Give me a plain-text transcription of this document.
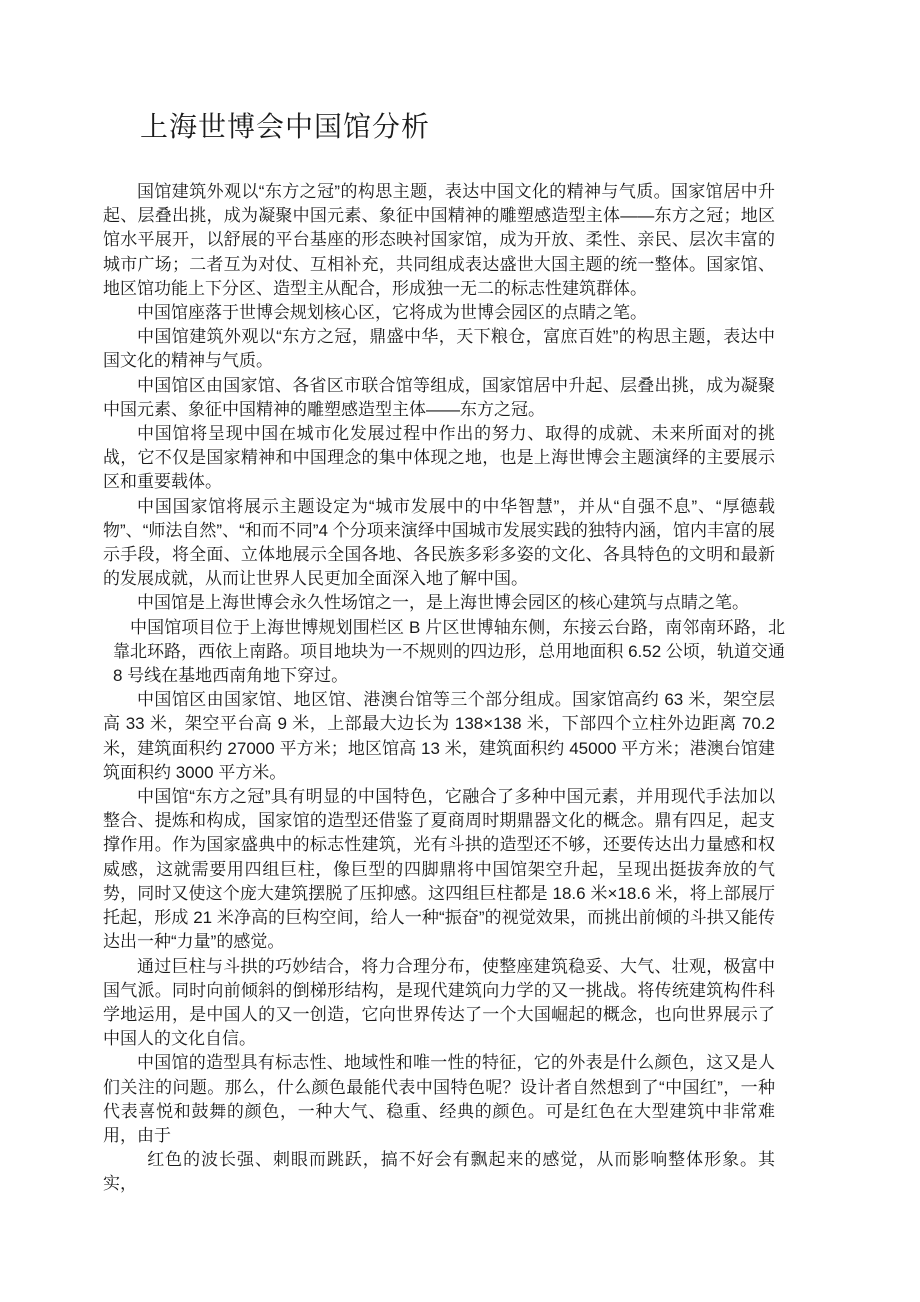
上海世博会中国馆分析

国馆建筑外观以“东方之冠”的构思主题，表达中国文化的精神与气质。国家馆居中升起、层叠出挑，成为凝聚中国元素、象征中国精神的雕塑感造型主体——东方之冠；地区馆水平展开，以舒展的平台基座的形态映衬国家馆，成为开放、柔性、亲民、层次丰富的城市广场；二者互为对仗、互相补充，共同组成表达盛世大国主题的统一整体。国家馆、地区馆功能上下分区、造型主从配合，形成独一无二的标志性建筑群体。

中国馆座落于世博会规划核心区，它将成为世博会园区的点睛之笔。

中国馆建筑外观以“东方之冠，鼎盛中华，天下粮仓，富庶百姓”的构思主题，表达中国文化的精神与气质。

中国馆区由国家馆、各省区市联合馆等组成，国家馆居中升起、层叠出挑，成为凝聚中国元素、象征中国精神的雕塑感造型主体——东方之冠。

中国馆将呈现中国在城市化发展过程中作出的努力、取得的成就、未来所面对的挑战，它不仅是国家精神和中国理念的集中体现之地，也是上海世博会主题演绎的主要展示区和重要载体。

中国国家馆将展示主题设定为“城市发展中的中华智慧”，并从“自强不息”、“厚德载物”、“师法自然”、“和而不同”4 个分项来演绎中国城市发展实践的独特内涵，馆内丰富的展示手段，将全面、立体地展示全国各地、各民族多彩多姿的文化、各具特色的文明和最新的发展成就，从而让世界人民更加全面深入地了解中国。

中国馆是上海世博会永久性场馆之一，是上海世博会园区的核心建筑与点睛之笔。

中国馆项目位于上海世博规划围栏区 B 片区世博轴东侧，东接云台路，南邻南环路，北靠北环路，西依上南路。项目地块为一不规则的四边形，总用地面积 6.52 公顷，轨道交通 8 号线在基地西南角地下穿过。

中国馆区由国家馆、地区馆、港澳台馆等三个部分组成。国家馆高约 63 米，架空层高 33 米，架空平台高 9 米，上部最大边长为 138×138 米，下部四个立柱外边距离 70.2 米，建筑面积约 27000 平方米；地区馆高 13 米，建筑面积约 45000 平方米；港澳台馆建筑面积约 3000 平方米。

中国馆“东方之冠”具有明显的中国特色，它融合了多种中国元素，并用现代手法加以整合、提炼和构成，国家馆的造型还借鉴了夏商周时期鼎器文化的概念。鼎有四足，起支撑作用。作为国家盛典中的标志性建筑，光有斗拱的造型还不够，还要传达出力量感和权威感，这就需要用四组巨柱，像巨型的四脚鼎将中国馆架空升起，呈现出挺拔奔放的气势，同时又使这个庞大建筑摆脱了压抑感。这四组巨柱都是 18.6 米×18.6 米，将上部展厅托起，形成 21 米净高的巨构空间，给人一种“振奋”的视觉效果，而挑出前倾的斗拱又能传达出一种“力量”的感觉。

通过巨柱与斗拱的巧妙结合，将力合理分布，使整座建筑稳妥、大气、壮观，极富中国气派。同时向前倾斜的倒梯形结构，是现代建筑向力学的又一挑战。将传统建筑构件科学地运用，是中国人的又一创造，它向世界传达了一个大国崛起的概念，也向世界展示了中国人的文化自信。

中国馆的造型具有标志性、地域性和唯一性的特征，它的外表是什么颜色，这又是人们关注的问题。那么，什么颜色最能代表中国特色呢？设计者自然想到了“中国红”，一种代表喜悦和鼓舞的颜色，一种大气、稳重、经典的颜色。可是红色在大型建筑中非常难用，由于

红色的波长强、刺眼而跳跃，搞不好会有飘起来的感觉，从而影响整体形象。其实，
